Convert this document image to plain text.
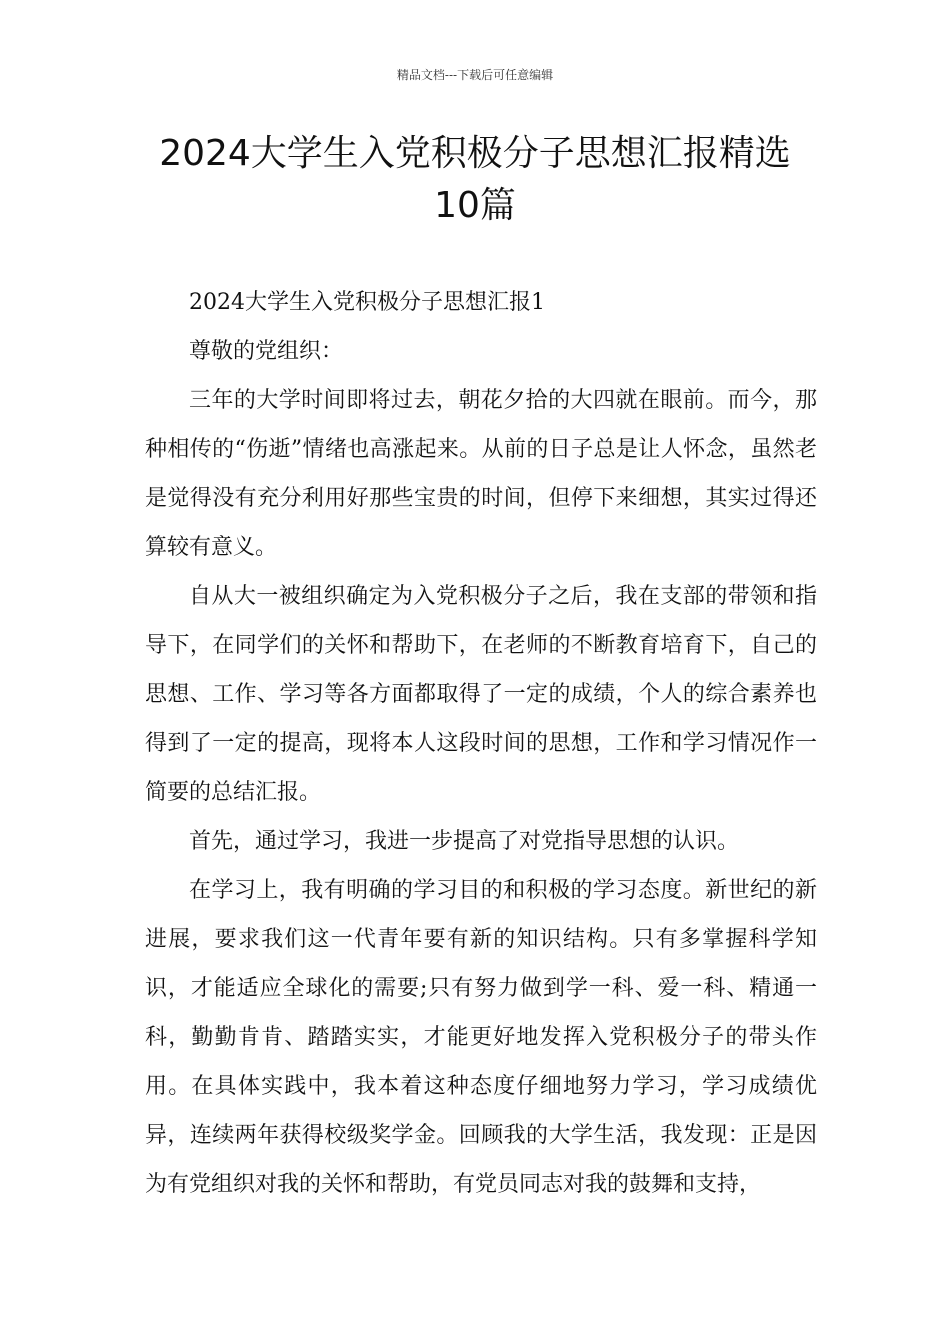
精品文档---下载后可任意编辑
2024大学生入党积极分子思想汇报精选
10篇

2024大学生入党积极分子思想汇报1

尊敬的党组织：

三年的大学时间即将过去，朝花夕拾的大四就在眼前。而今，那种相传的“伤逝”情绪也高涨起来。从前的日子总是让人怀念，虽然老是觉得没有充分利用好那些宝贵的时间，但停下来细想，其实过得还算较有意义。

自从大一被组织确定为入党积极分子之后，我在支部的带领和指导下，在同学们的关怀和帮助下，在老师的不断教育培育下，自己的思想、工作、学习等各方面都取得了一定的成绩，个人的综合素养也得到了一定的提高，现将本人这段时间的思想，工作和学习情况作一简要的总结汇报。

首先，通过学习，我进一步提高了对党指导思想的认识。

在学习上，我有明确的学习目的和积极的学习态度。新世纪的新进展，要求我们这一代青年要有新的知识结构。只有多掌握科学知识，才能适应全球化的需要;只有努力做到学一科、爱一科、精通一科，勤勤肯肯、踏踏实实，才能更好地发挥入党积极分子的带头作用。在具体实践中，我本着这种态度仔细地努力学习，学习成绩优异，连续两年获得校级奖学金。回顾我的大学生活，我发现：正是因为有党组织对我的关怀和帮助，有党员同志对我的鼓舞和支持，
